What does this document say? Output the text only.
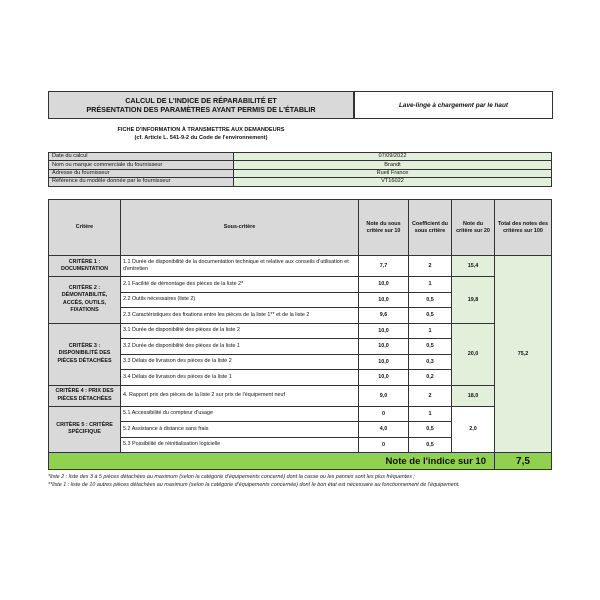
CALCUL DE L'INDICE DE RÉPARABILITÉ ET
PRÉSENTATION DES PARAMÈTRES AYANT PERMIS DE L'ÉTABLIR	Lave-linge à chargement par le haut
FICHE D'INFORMATION À TRANSMETTRE AUX DEMANDEURS
(cf. Article L. 541-9-2 du Code de l'environnement)
Date du calcul	07/09/2022
Nom ou marque commerciale du fournisseur	Brandt
Adresse du fournisseur	Rueil France
Référence du modèle donnée par le fournisseur	VT16022
Critère	Sous-critère	Note du sous critère sur 10	Coefficient du sous critère	Note du critère sur 20	Total des notes des critères sur 100
CRITÈRE 1 : DOCUMENTATION	1.1 Durée de disponibilité de la documentation technique et relative aux conseils d'utilisation et d'entretien	7,7	2	15,4	75,2
CRITÈRE 2 : DÉMONTABILITÉ, ACCÈS, OUTILS, FIXATIONS	2.1 Facilité de démontage des pièces de la liste 2*	10,0	1	19,8	
	2.2 Outils nécessaires (liste 2)	10,0	0,5		
	2.3 Caractéristiques des fixations entre les pièces de la liste 1** et de la liste 2	9,6	0,5		
CRITÈRE 3 : DISPONIBILITÉ DES PIÈCES DÉTACHÉES	3.1 Durée de disponibilité des pièces de la liste 2	10,0	1	20,0	
	3.2 Durée de disponibilité des pièces de la liste 1	10,0	0,5		
	3.3 Délais de livraison des pièces de la liste 2	10,0	0,3		
	3.4 Délais de livraison des pièces de la liste 1	10,0	0,2		
CRITÈRE 4 : PRIX DES PIÈCES DÉTACHÉES	4. Rapport prix des pièces de la liste 2 sur prix de l'équipement neuf	9,0	2	18,0	
CRITÈRE 5 : CRITÈRE SPÉCIFIQUE	5.1 Accessibilité du compteur d'usage	0	1	2,0	
	5.2 Assistance à distance sans frais	4,0	0,5		
	5.3 Possibilité de réinitialisation logicielle	0	0,5		
Note de l'indice sur 10					7,5
*liste 2 : liste des 3 à 5 pièces détachées au maximum (selon la catégorie d'équipements concerné) dont la casse ou les pannes sont les plus fréquentes ;
**liste 1 : liste de 10 autres pièces détachées au maximum (selon la catégorie d'équipements concernée) dont le bon état est nécessaire au fonctionnement de l'équipement.
